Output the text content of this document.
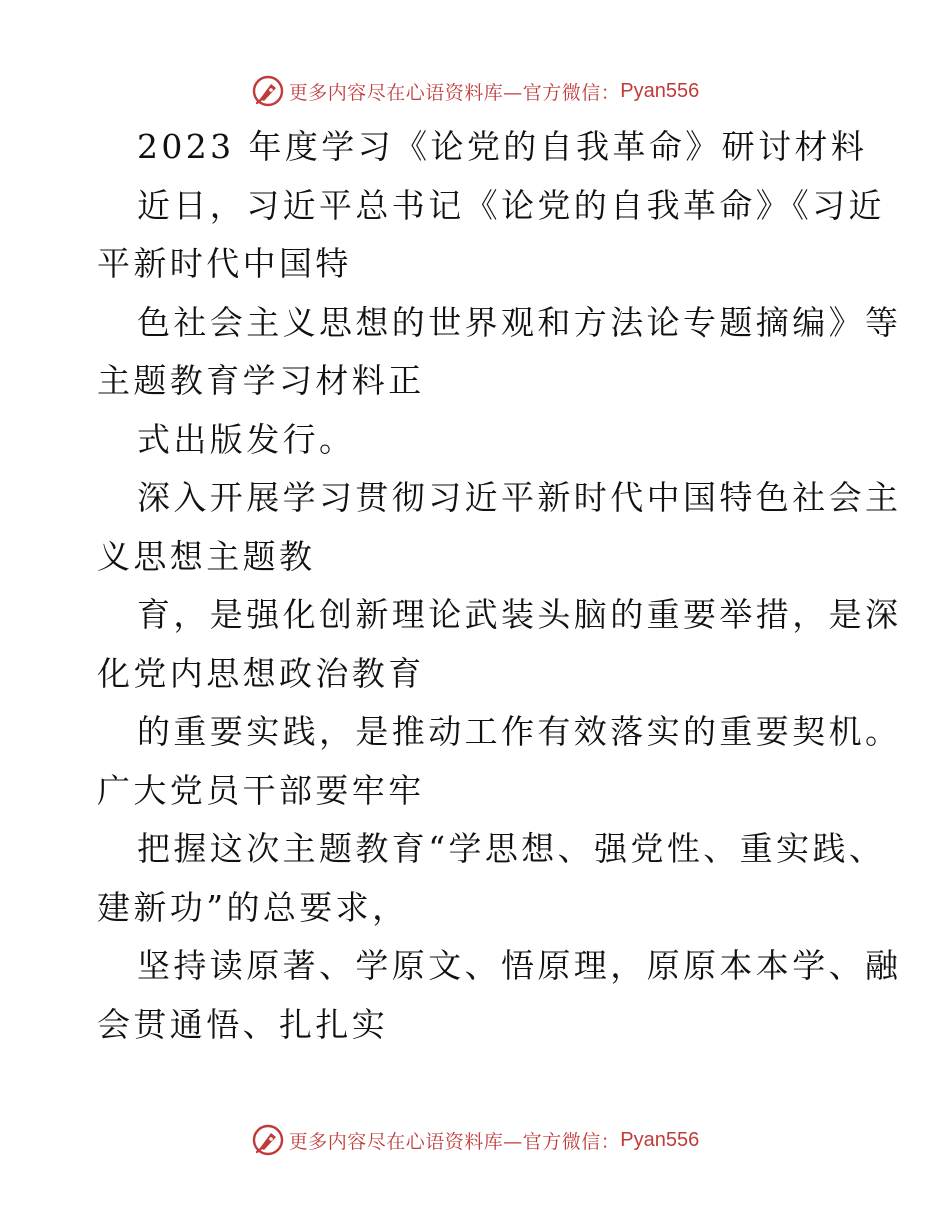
更多内容尽在心语资料库—官方微信： Pyan556
2023 年度学习《论党的自我革命》研讨材料
近日，习近平总书记《论党的自我革命》《习近
平新时代中国特
色社会主义思想的世界观和方法论专题摘编》等
主题教育学习材料正
式出版发行。
深入开展学习贯彻习近平新时代中国特色社会主
义思想主题教
育，是强化创新理论武装头脑的重要举措，是深
化党内思想政治教育
的重要实践，是推动工作有效落实的重要契机。
广大党员干部要牢牢
把握这次主题教育“学思想、强党性、重实践、
建新功”的总要求，
坚持读原著、学原文、悟原理，原原本本学、融
会贯通悟、扎扎实
更多内容尽在心语资料库—官方微信： Pyan556
